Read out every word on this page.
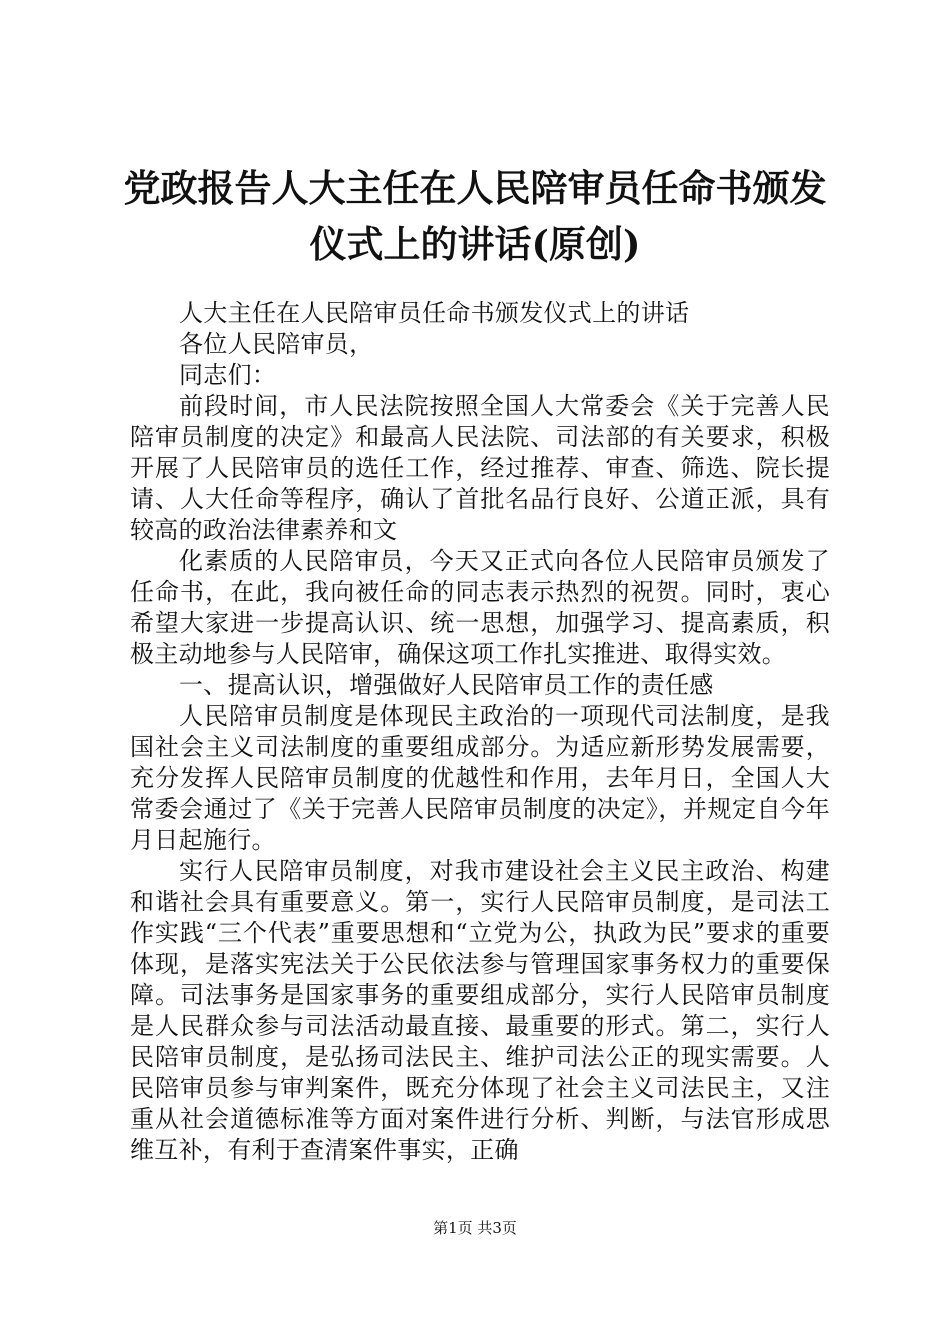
党政报告人大主任在人民陪审员任命书颁发仪式上的讲话(原创)

人大主任在人民陪审员任命书颁发仪式上的讲话

各位人民陪审员，

同志们：

前段时间，市人民法院按照全国人大常委会《关于完善人民陪审员制度的决定》和最高人民法院、司法部的有关要求，积极开展了人民陪审员的选任工作，经过推荐、审查、筛选、院长提请、人大任命等程序，确认了首批名品行良好、公道正派，具有较高的政治法律素养和文

化素质的人民陪审员，今天又正式向各位人民陪审员颁发了任命书，在此，我向被任命的同志表示热烈的祝贺。同时，衷心希望大家进一步提高认识、统一思想，加强学习、提高素质，积极主动地参与人民陪审，确保这项工作扎实推进、取得实效。

一、提高认识，增强做好人民陪审员工作的责任感

人民陪审员制度是体现民主政治的一项现代司法制度，是我国社会主义司法制度的重要组成部分。为适应新形势发展需要，充分发挥人民陪审员制度的优越性和作用，去年月日，全国人大常委会通过了《关于完善人民陪审员制度的决定》，并规定自今年月日起施行。

实行人民陪审员制度，对我市建设社会主义民主政治、构建和谐社会具有重要意义。第一，实行人民陪审员制度，是司法工作实践“三个代表”重要思想和“立党为公，执政为民”要求的重要体现，是落实宪法关于公民依法参与管理国家事务权力的重要保障。司法事务是国家事务的重要组成部分，实行人民陪审员制度是人民群众参与司法活动最直接、最重要的形式。第二，实行人民陪审员制度，是弘扬司法民主、维护司法公正的现实需要。人民陪审员参与审判案件，既充分体现了社会主义司法民主，又注重从社会道德标准等方面对案件进行分析、判断，与法官形成思维互补，有利于查清案件事实，正确

第1页 共3页
